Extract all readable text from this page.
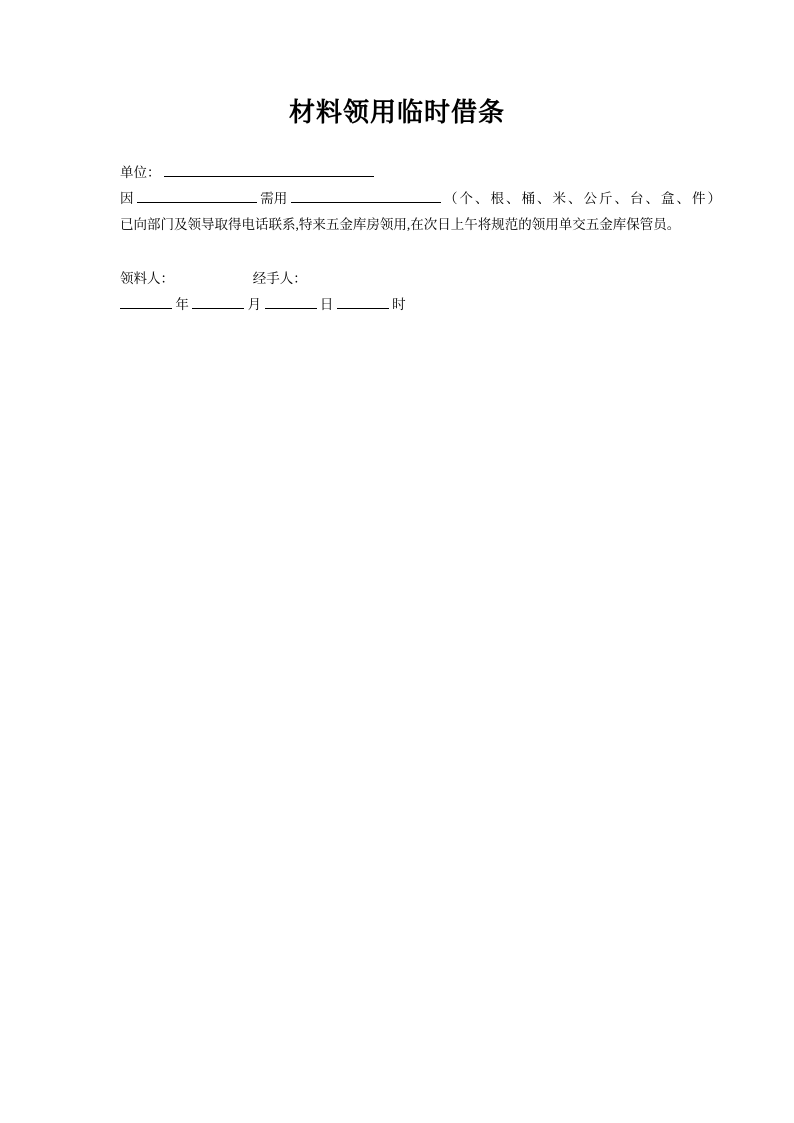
材料领用临时借条
单位：
因	需用	（个、根、桶、米、公斤、台、盒、件）
已向部门及领导取得电话联系,特来五金库房领用,在次日上午将规范的领用单交五金库保管员。
领料人：	经手人：
年	月	日	时
